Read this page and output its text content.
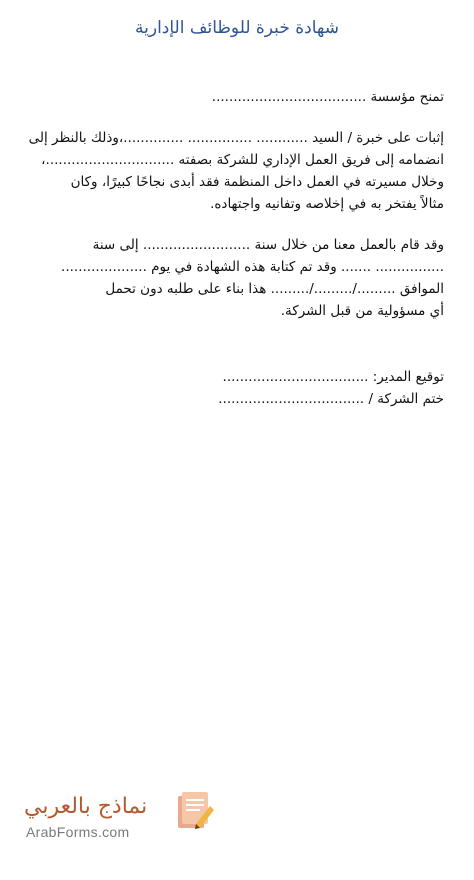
شهادة خبرة للوظائف الإدارية

تمنح مؤسسة ....................................

إثبات على خبرة / السيد ............ ............... ..............،وذلك بالنظر إلى

انضمامه إلى فريق العمل الإداري للشركة بصفته ..............................،

وخلال مسيرته في العمل داخل المنظمة فقد أبدى نجاحًا كبيرًا، وكان

مثالاً يفتخر به في إخلاصه وتفانيه واجتهاده.

وقد قام بالعمل معنا من خلال سنة ......................... إلى سنة

................ ....... وقد تم كتابة هذه الشهادة في يوم ....................

الموافق ........./........./......... هذا بناء على طلبه دون تحمل

أي مسؤولية من قبل الشركة.

توقيع المدير: ..................................

ختم الشركة / ..................................

نماذج بالعربي
ArabForms.com
